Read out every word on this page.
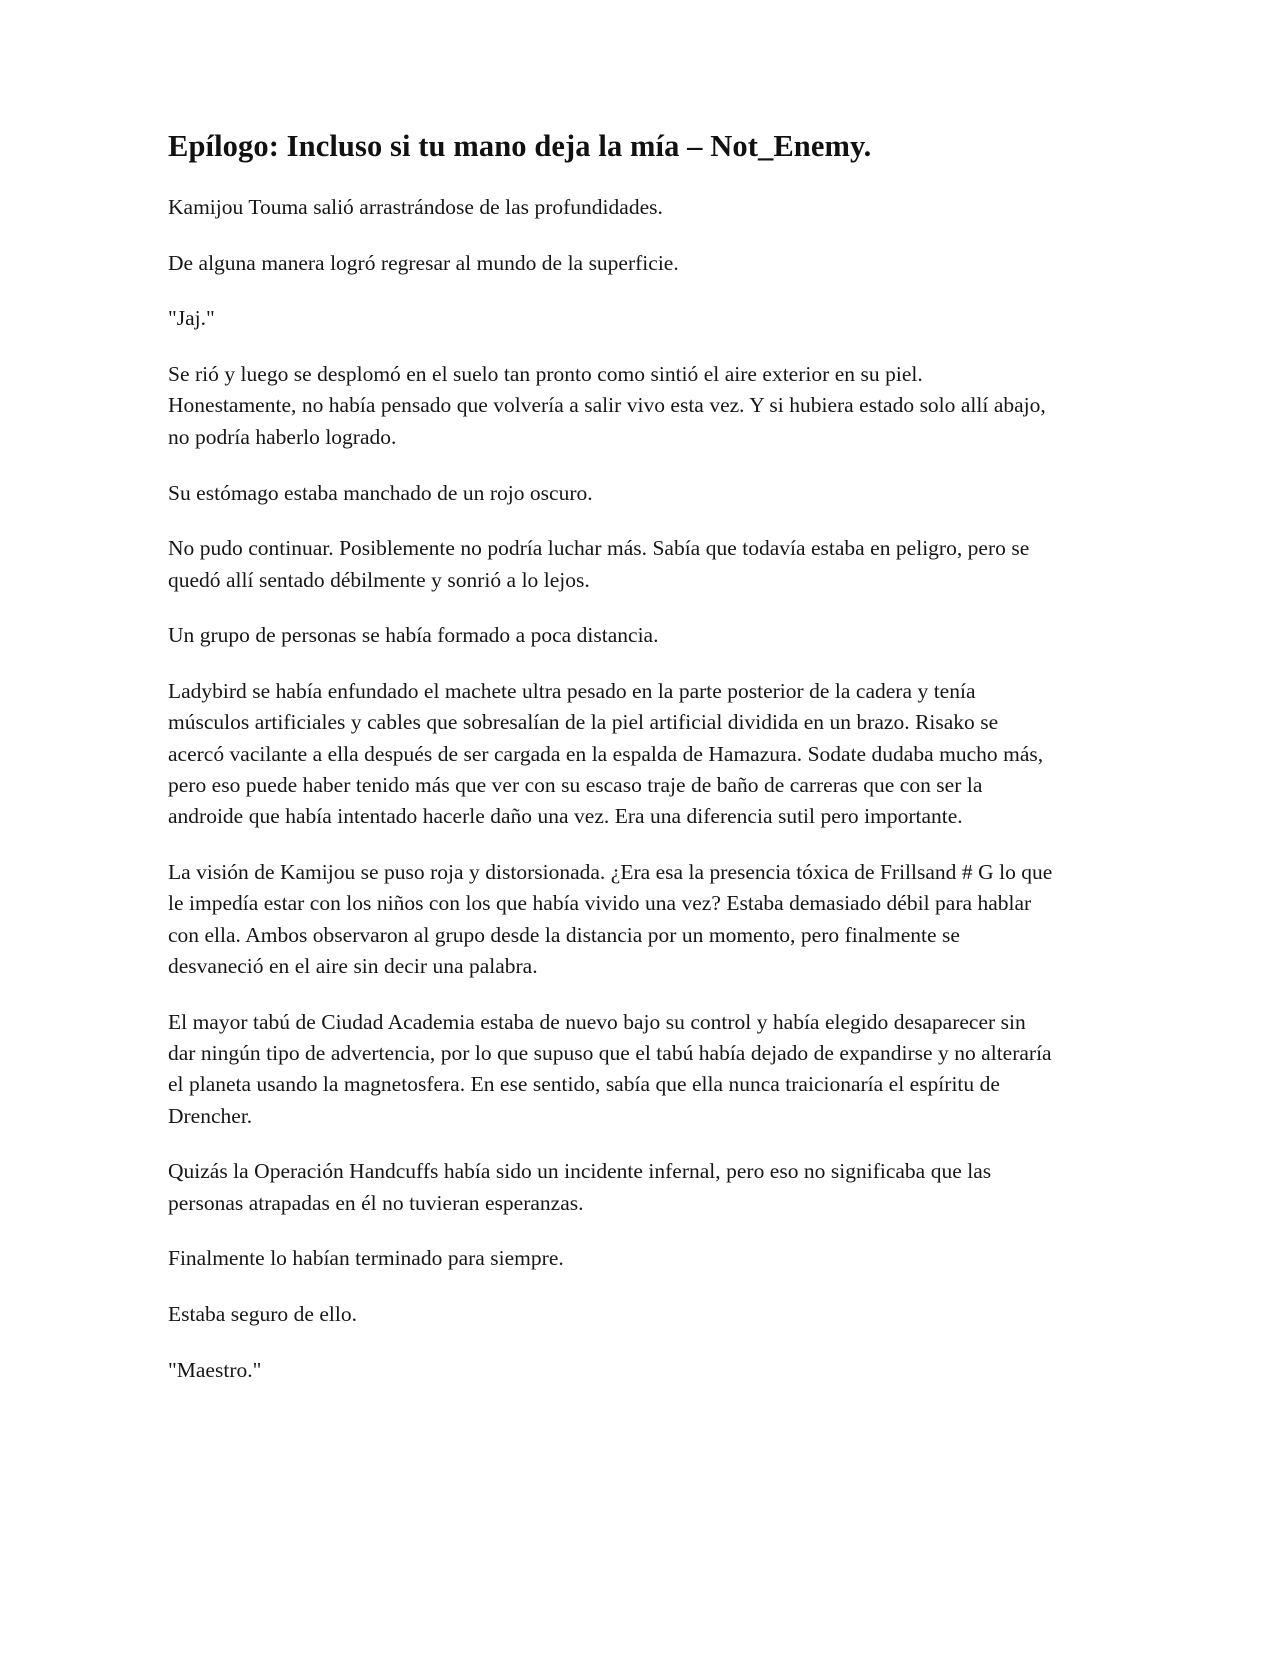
Epílogo: Incluso si tu mano deja la mía – Not_Enemy.

Kamijou Touma salió arrastrándose de las profundidades.

De alguna manera logró regresar al mundo de la superficie.

"Jaj."

Se rió y luego se desplomó en el suelo tan pronto como sintió el aire exterior en su piel. Honestamente, no había pensado que volvería a salir vivo esta vez. Y si hubiera estado solo allí abajo, no podría haberlo logrado.

Su estómago estaba manchado de un rojo oscuro.

No pudo continuar. Posiblemente no podría luchar más. Sabía que todavía estaba en peligro, pero se quedó allí sentado débilmente y sonrió a lo lejos.

Un grupo de personas se había formado a poca distancia.

Ladybird se había enfundado el machete ultra pesado en la parte posterior de la cadera y tenía músculos artificiales y cables que sobresalían de la piel artificial dividida en un brazo. Risako se acercó vacilante a ella después de ser cargada en la espalda de Hamazura. Sodate dudaba mucho más, pero eso puede haber tenido más que ver con su escaso traje de baño de carreras que con ser la androide que había intentado hacerle daño una vez. Era una diferencia sutil pero importante.

La visión de Kamijou se puso roja y distorsionada. ¿Era esa la presencia tóxica de Frillsand # G lo que le impedía estar con los niños con los que había vivido una vez? Estaba demasiado débil para hablar con ella. Ambos observaron al grupo desde la distancia por un momento, pero finalmente se desvaneció en el aire sin decir una palabra.

El mayor tabú de Ciudad Academia estaba de nuevo bajo su control y había elegido desaparecer sin dar ningún tipo de advertencia, por lo que supuso que el tabú había dejado de expandirse y no alteraría el planeta usando la magnetosfera. En ese sentido, sabía que ella nunca traicionaría el espíritu de Drencher.

Quizás la Operación Handcuffs había sido un incidente infernal, pero eso no significaba que las personas atrapadas en él no tuvieran esperanzas.

Finalmente lo habían terminado para siempre.

Estaba seguro de ello.

"Maestro."
